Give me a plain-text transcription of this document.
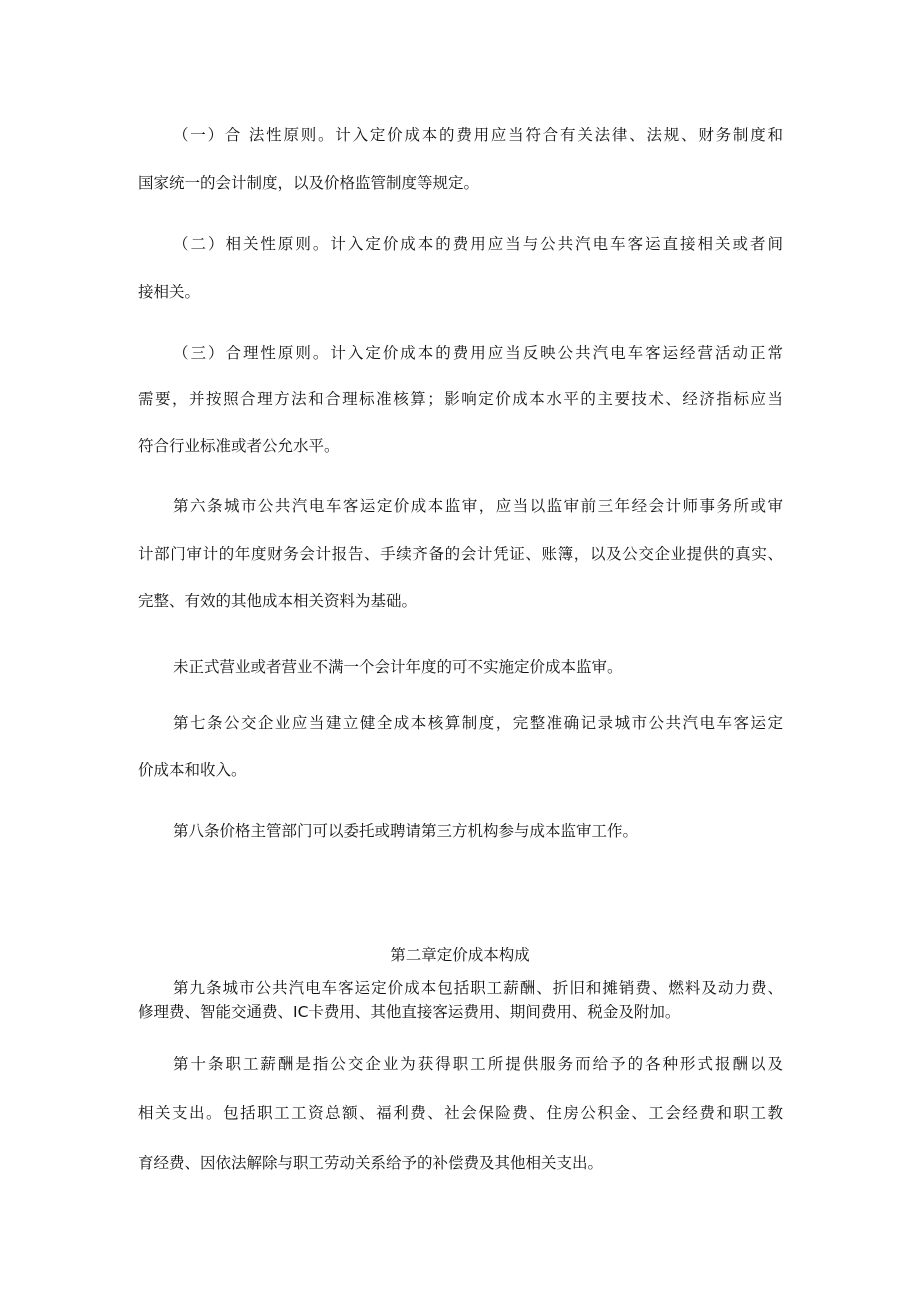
（一）合 法性原则。计入定价成本的费用应当符合有关法律、法规、财务制度和
国家统一的会计制度，以及价格监管制度等规定。
（二）相关性原则。计入定价成本的费用应当与公共汽电车客运直接相关或者间
接相关。
（三）合理性原则。计入定价成本的费用应当反映公共汽电车客运经营活动正常
需要，并按照合理方法和合理标准核算；影响定价成本水平的主要技术、经济指标应当
符合行业标准或者公允水平。
第六条城市公共汽电车客运定价成本监审，应当以监审前三年经会计师事务所或审
计部门审计的年度财务会计报告、手续齐备的会计凭证、账簿，以及公交企业提供的真实、
完整、有效的其他成本相关资料为基础。
未正式营业或者营业不满一个会计年度的可不实施定价成本监审。
第七条公交企业应当建立健全成本核算制度，完整准确记录城市公共汽电车客运定
价成本和收入。
第八条价格主管部门可以委托或聘请第三方机构参与成本监审工作。
第二章定价成本构成
第九条城市公共汽电车客运定价成本包括职工薪酬、折旧和摊销费、燃料及动力费、
修理费、智能交通费、IC卡费用、其他直接客运费用、期间费用、税金及附加。
第十条职工薪酬是指公交企业为获得职工所提供服务而给予的各种形式报酬以及
相关支出。包括职工工资总额、福利费、社会保险费、住房公积金、工会经费和职工教
育经费、因依法解除与职工劳动关系给予的补偿费及其他相关支出。
